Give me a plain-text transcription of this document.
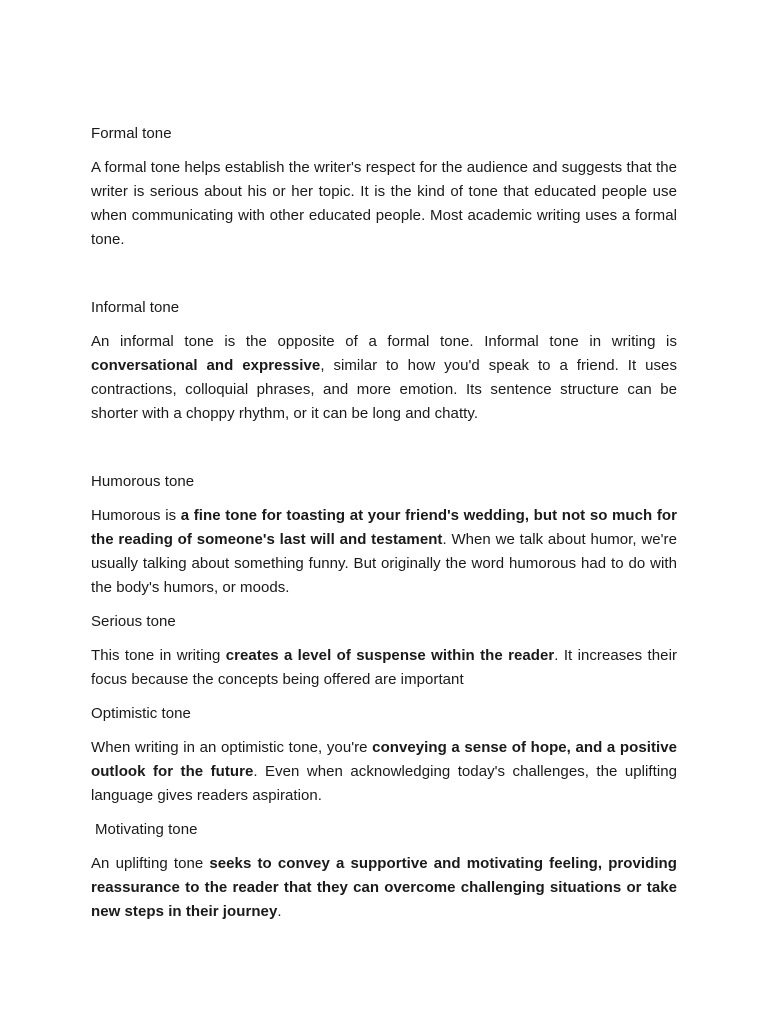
Formal tone

A formal tone helps establish the writer's respect for the audience and suggests that the writer is serious about his or her topic. It is the kind of tone that educated people use when communicating with other educated people. Most academic writing uses a formal tone.

Informal tone

An informal tone is the opposite of a formal tone. Informal tone in writing is conversational and expressive, similar to how you'd speak to a friend. It uses contractions, colloquial phrases, and more emotion. Its sentence structure can be shorter with a choppy rhythm, or it can be long and chatty.

Humorous tone

Humorous is a fine tone for toasting at your friend's wedding, but not so much for the reading of someone's last will and testament. When we talk about humor, we're usually talking about something funny. But originally the word humorous had to do with the body's humors, or moods.

Serious tone

This tone in writing creates a level of suspense within the reader. It increases their focus because the concepts being offered are important

Optimistic tone

When writing in an optimistic tone, you're conveying a sense of hope, and a positive outlook for the future. Even when acknowledging today's challenges, the uplifting language gives readers aspiration.

Motivating tone

An uplifting tone seeks to convey a supportive and motivating feeling, providing reassurance to the reader that they can overcome challenging situations or take new steps in their journey.
